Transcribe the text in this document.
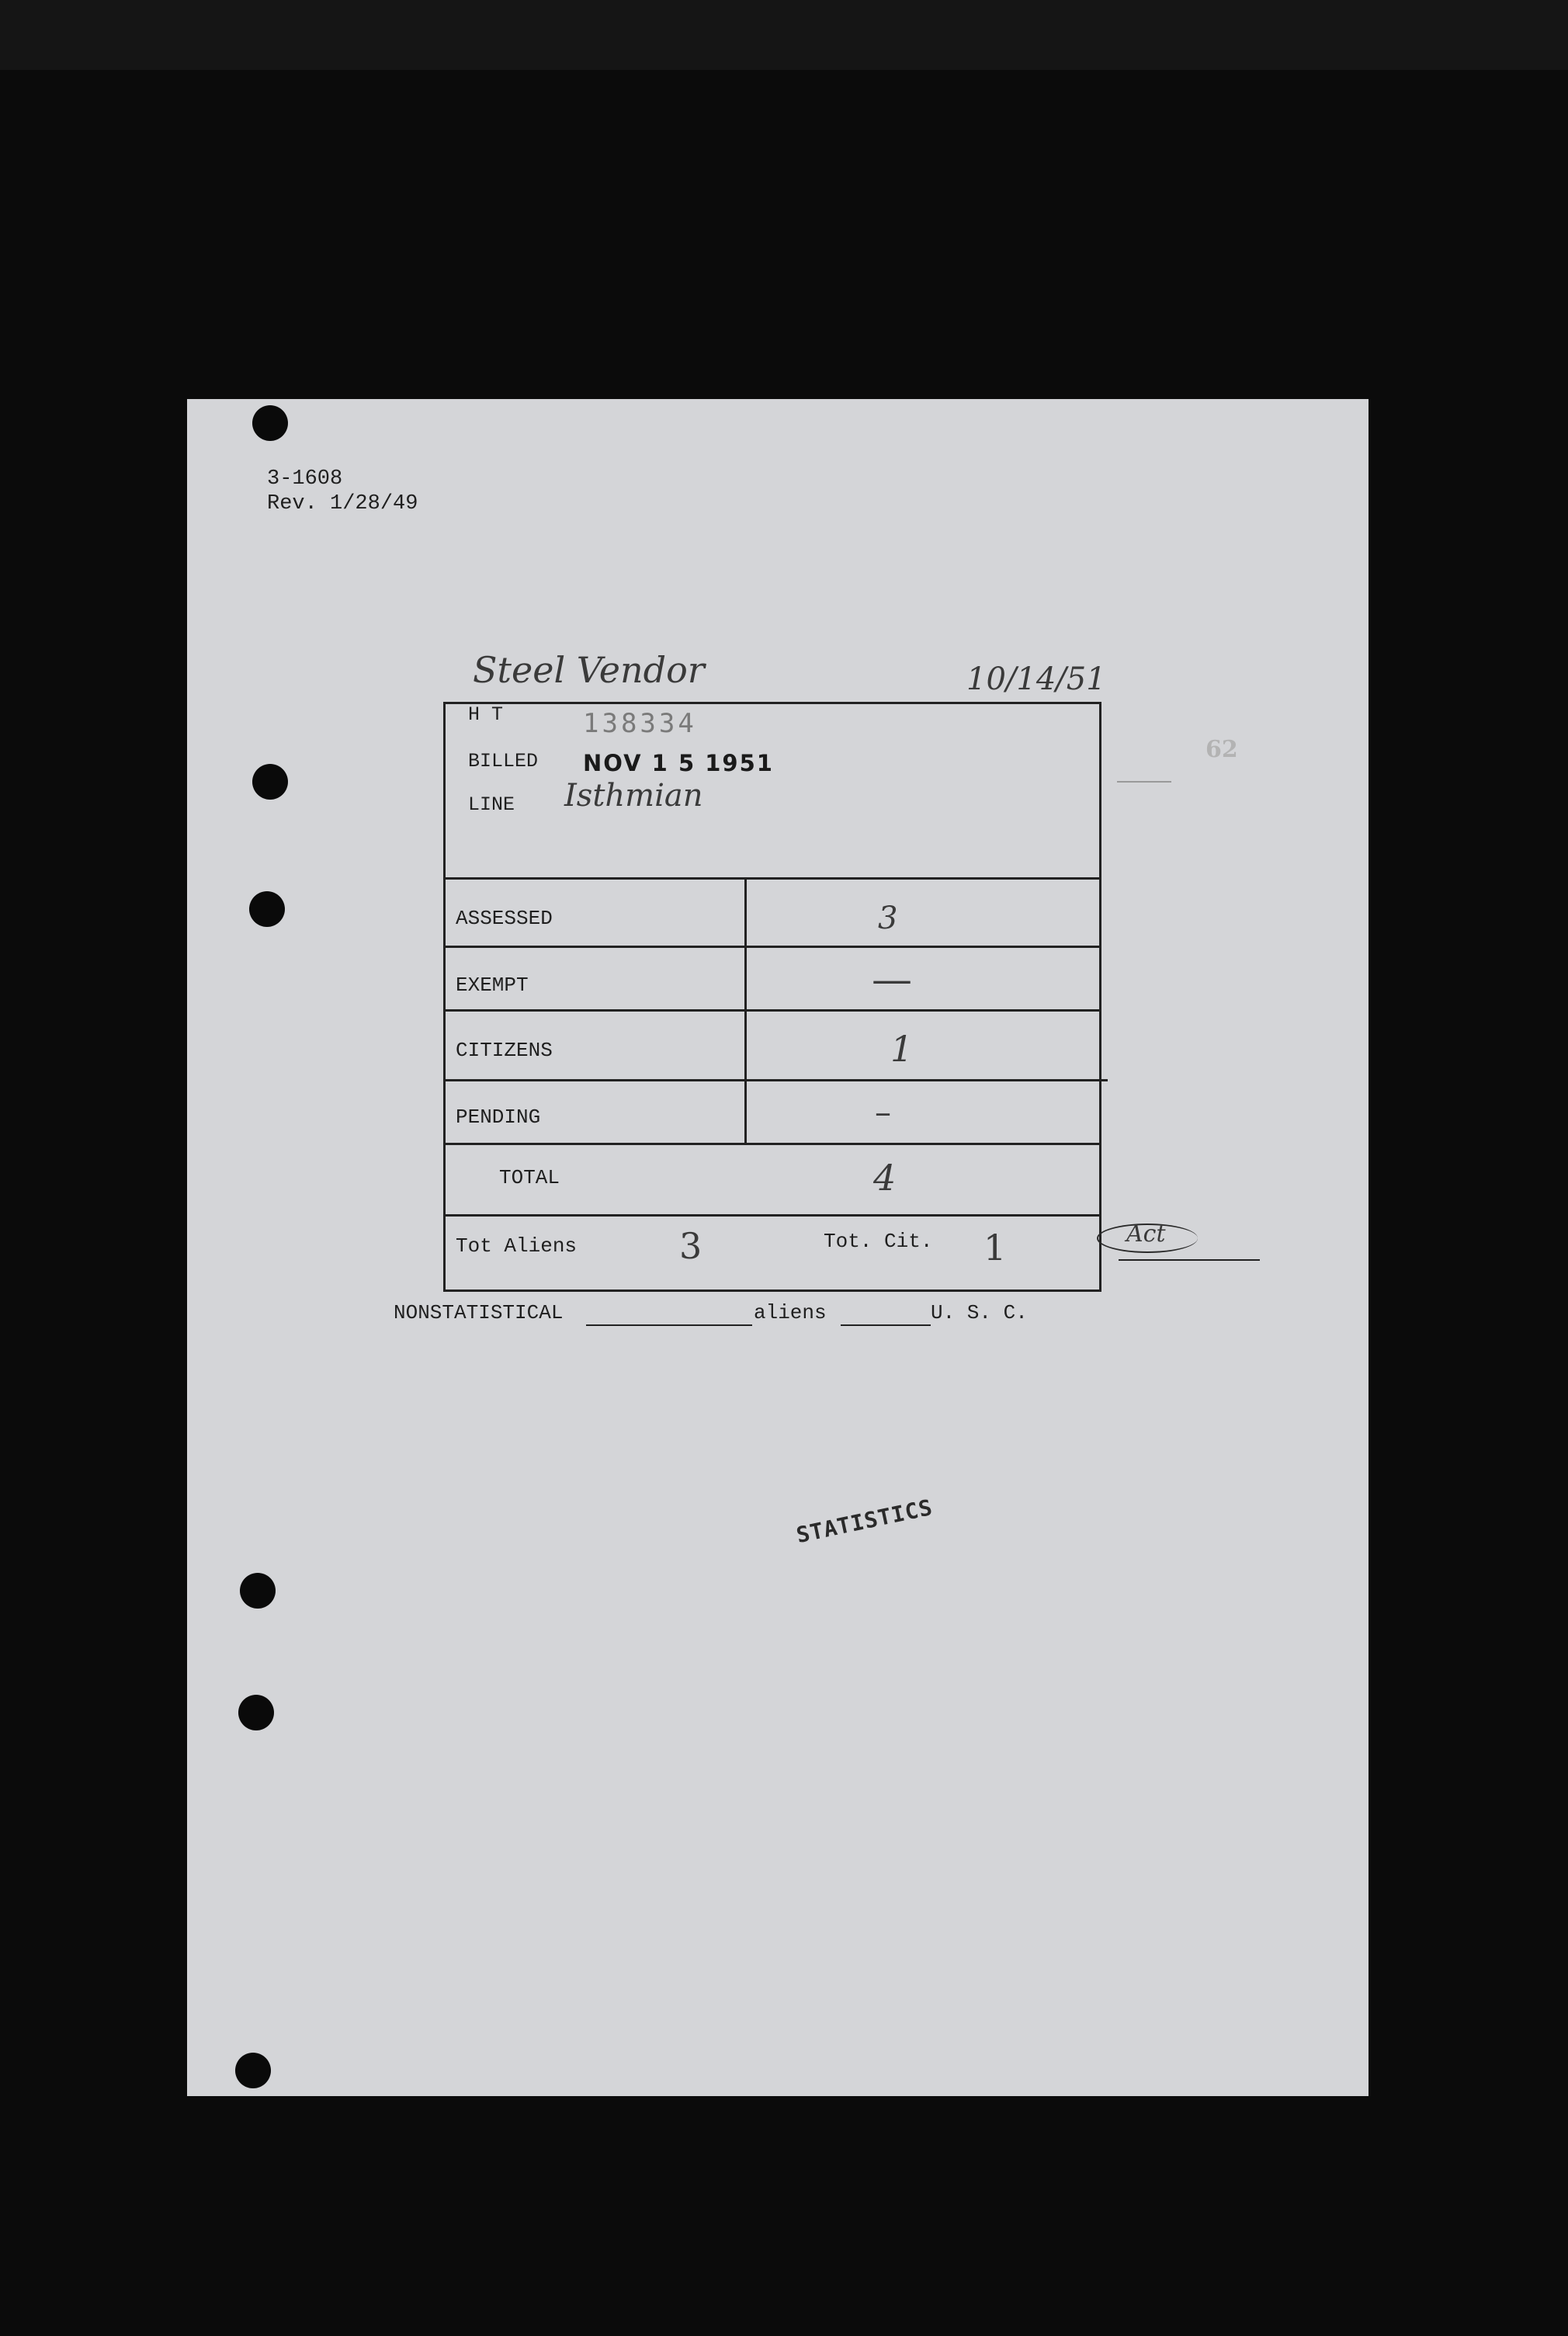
3-1608
Rev. 1/28/49
Steel Vendor	10/14/51
62
H T	138334
BILLED NOV 1 5 1951
LINE Isthmian
ASSESSED	3
EXEMPT	—
CITIZENS	1
PENDING	–
TOTAL	4
Tot Aliens	3	Tot. Cit. 1	Act
NONSTATISTICAL	aliens	U. S. C.
STATISTICS
